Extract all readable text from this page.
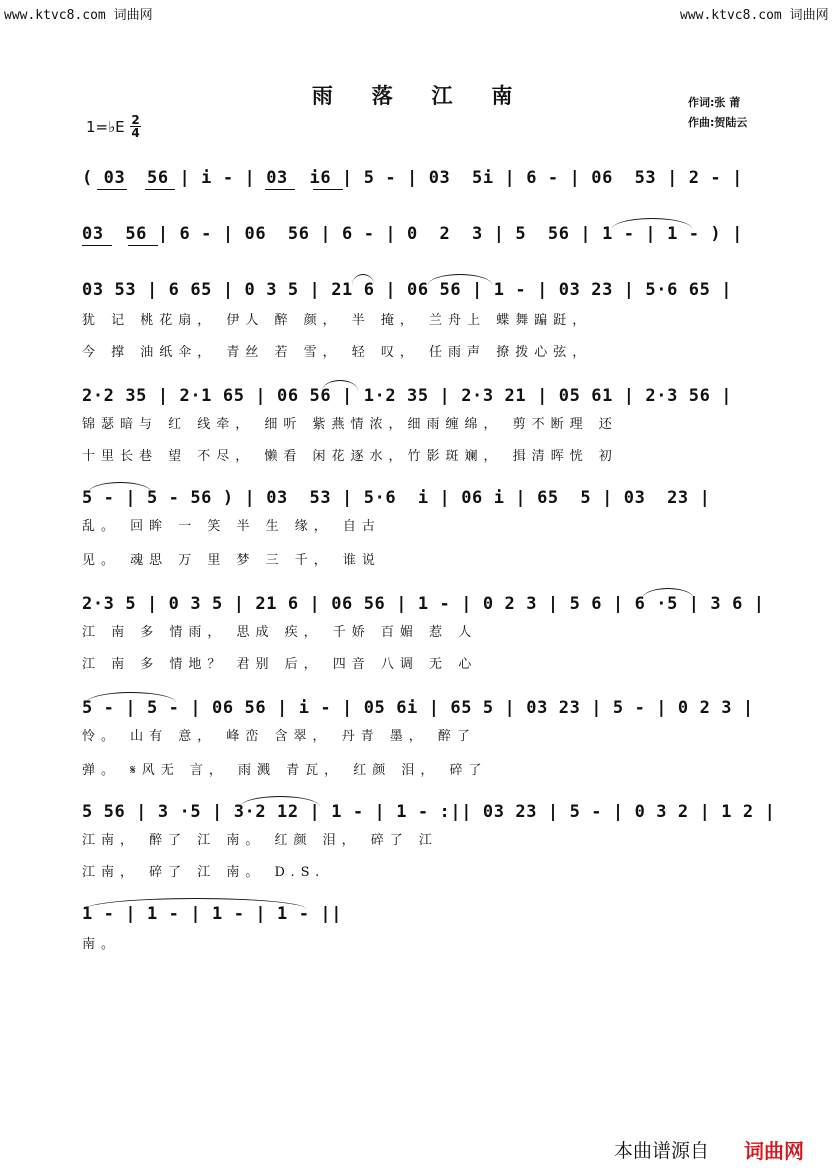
www.ktvc8.com 词曲网	www.ktvc8.com 词曲网
雨 落 江 南	作词:张 莆
作曲:贺陆云
1=♭E 2
4
( 03  56 | i - | 03  i6 | 5 - | 03  5i | 6 - | 06  53 | 2 - |
03  56 | 6 - | 06  56 | 6 - | 0  2  3 | 5  56 | 1 - | 1 - ) |
03 53 | 6 65 | 0 3 5 | 21 6 | 06 56 | 1 - | 03 23 | 5·6 65 |
犹 记 桃花扇， 伊人 醉 颜， 半 掩， 兰舟上 蝶舞蹁跹，
今 撑 油纸伞， 青丝 若 雪， 轻 叹， 任雨声 撩拨心弦，
2·2 35 | 2·1 65 | 06 56 | 1·2 35 | 2·3 21 | 05 61 | 2·3 56 |
锦瑟暗与 红 线牵， 细听 紫燕情浓，细雨缠绵， 剪不断理 还
十里长巷 望 不尽， 懒看 闲花逐水，竹影斑斓， 揖清晖恍 初
5 - | 5 - 56 ) | 03  53 | 5·6  i | 06 i | 65  5 | 03  23 |
乱。 回眸 一 笑 半 生 缘， 自古
见。 魂思 万 里 梦 三 千， 谁说
2·3 5 | 0 3 5 | 21 6 | 06 56 | 1 - | 0 2 3 | 5 6 | 6 ·5 | 3 6 |
江 南 多 情雨， 思成 疾， 千娇 百媚 惹 人
江 南 多 情地？ 君别 后， 四音 八调 无 心
5 - | 5 - | 06 56 | i - | 05 6i | 65 5 | 03 23 | 5 - | 0 2 3 |
怜。 山有 意， 峰峦 含翠， 丹青 墨， 醉了
弹。 𝄋风无 言， 雨溅 青瓦， 红颜 泪， 碎了
5 56 | 3 ·5 | 3·2 12 | 1 - | 1 - :|| 03 23 | 5 - | 0 3 2 | 1 2 |
江南， 醉了 江 南。 红颜 泪， 碎了 江
江南， 碎了 江 南。 D.S.
1 - | 1 - | 1 - | 1 - ||
南。
本曲谱源自 词曲网
